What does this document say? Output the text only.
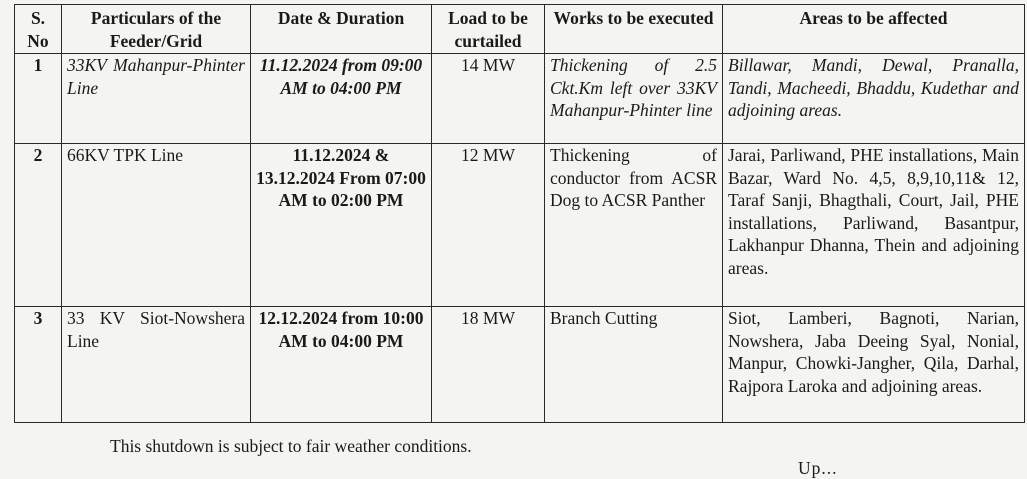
S. No	Particulars of the Feeder/Grid	Date & Duration	Load to be curtailed	Works to be executed	Areas to be affected
1	33KV Mahanpur-Phinter Line	11.12.2024 from 09:00 AM to 04:00 PM	14 MW	Thickening of 2.5 Ckt.Km left over 33KV Mahanpur-Phinter line	Billawar, Mandi, Dewal, Pranalla, Tandi, Macheedi, Bhaddu, Kudethar and adjoining areas.
2	66KV TPK Line	11.12.2024 & 13.12.2024 From 07:00 AM to 02:00 PM	12 MW	Thickening of conductor from ACSR Dog to ACSR Panther	Jarai, Parliwand, PHE installations, Main Bazar, Ward No. 4,5, 8,9,10,11& 12, Taraf Sanji, Bhagthali, Court, Jail, PHE installations, Parliwand, Basantpur, Lakhanpur Dhanna, Thein and adjoining areas.
3	33 KV Siot-Nowshera Line	12.12.2024 from 10:00 AM to 04:00 PM	18 MW	Branch Cutting	Siot, Lamberi, Bagnoti, Narian, Nowshera, Jaba Deeing Syal, Nonial, Manpur, Chowki-Jangher, Qila, Darhal, Rajpora Laroka and adjoining areas.
This shutdown is subject to fair weather conditions.
Up...
